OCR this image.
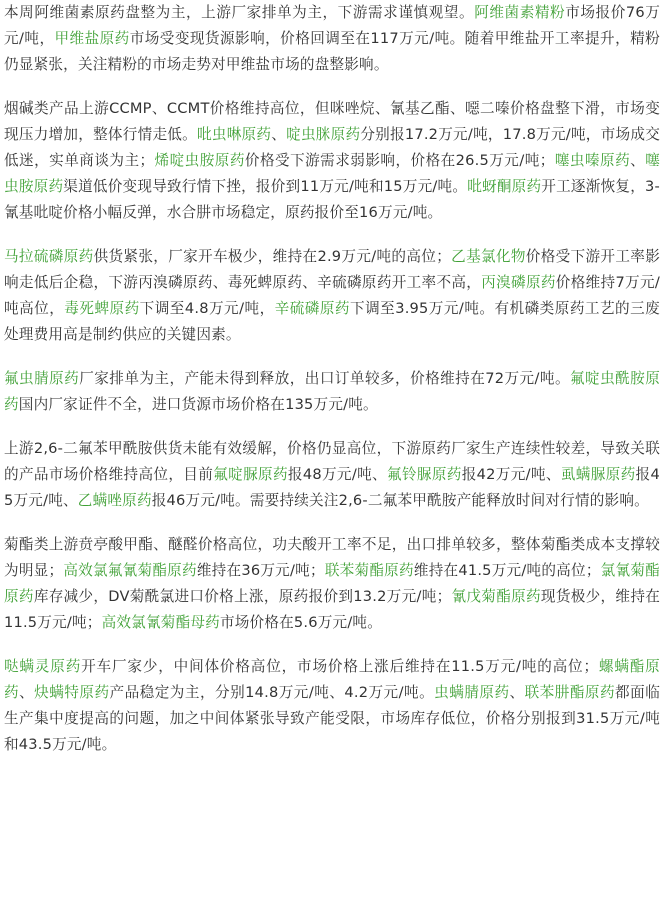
本周阿维菌素原药盘整为主，上游厂家排单为主，下游需求谨慎观望。阿维菌素精粉市场报价76万元/吨，甲维盐原药市场受变现货源影响，价格回调至在117万元/吨。随着甲维盐开工率提升，精粉仍显紧张，关注精粉的市场走势对甲维盐市场的盘整影响。

烟碱类产品上游CCMP、CCMT价格维持高位，但咪唑烷、氰基乙酯、噁二嗪价格盘整下滑，市场变现压力增加，整体行情走低。吡虫啉原药、啶虫脒原药分别报17.2万元/吨，17.8万元/吨，市场成交低迷，实单商谈为主；烯啶虫胺原药价格受下游需求弱影响，价格在26.5万元/吨；噻虫嗪原药、噻虫胺原药渠道低价变现导致行情下挫，报价到11万元/吨和15万元/吨。吡蚜酮原药开工逐渐恢复，3-氰基吡啶价格小幅反弹，水合肼市场稳定，原药报价至16万元/吨。

马拉硫磷原药供货紧张，厂家开车极少，维持在2.9万元/吨的高位；乙基氯化物价格受下游开工率影响走低后企稳，下游丙溴磷原药、毒死蜱原药、辛硫磷原药开工率不高，丙溴磷原药价格维持7万元/吨高位，毒死蜱原药下调至4.8万元/吨，辛硫磷原药下调至3.95万元/吨。有机磷类原药工艺的三废处理费用高是制约供应的关键因素。

氟虫腈原药厂家排单为主，产能未得到释放，出口订单较多，价格维持在72万元/吨。氟啶虫酰胺原药国内厂家证件不全，进口货源市场价格在135万元/吨。

上游2,6-二氟苯甲酰胺供货未能有效缓解，价格仍显高位，下游原药厂家生产连续性较差，导致关联的产品市场价格维持高位，目前氟啶脲原药报48万元/吨、氟铃脲原药报42万元/吨、虱螨脲原药报45万元/吨、乙螨唑原药报46万元/吨。需要持续关注2,6-二氟苯甲酰胺产能释放时间对行情的影响。

菊酯类上游贲亭酸甲酯、醚醛价格高位，功夫酸开工率不足，出口排单较多，整体菊酯类成本支撑较为明显；高效氯氟氰菊酯原药维持在36万元/吨；联苯菊酯原药维持在41.5万元/吨的高位；氯氰菊酯原药库存减少，DV菊酰氯进口价格上涨，原药报价到13.2万元/吨；氰戊菊酯原药现货极少，维持在11.5万元/吨；高效氯氰菊酯母药市场价格在5.6万元/吨。

哒螨灵原药开车厂家少，中间体价格高位，市场价格上涨后维持在11.5万元/吨的高位；螺螨酯原药、炔螨特原药产品稳定为主，分别14.8万元/吨、4.2万元/吨。虫螨腈原药、联苯肼酯原药都面临生产集中度提高的问题，加之中间体紧张导致产能受限，市场库存低位，价格分别报到31.5万元/吨和43.5万元/吨。
